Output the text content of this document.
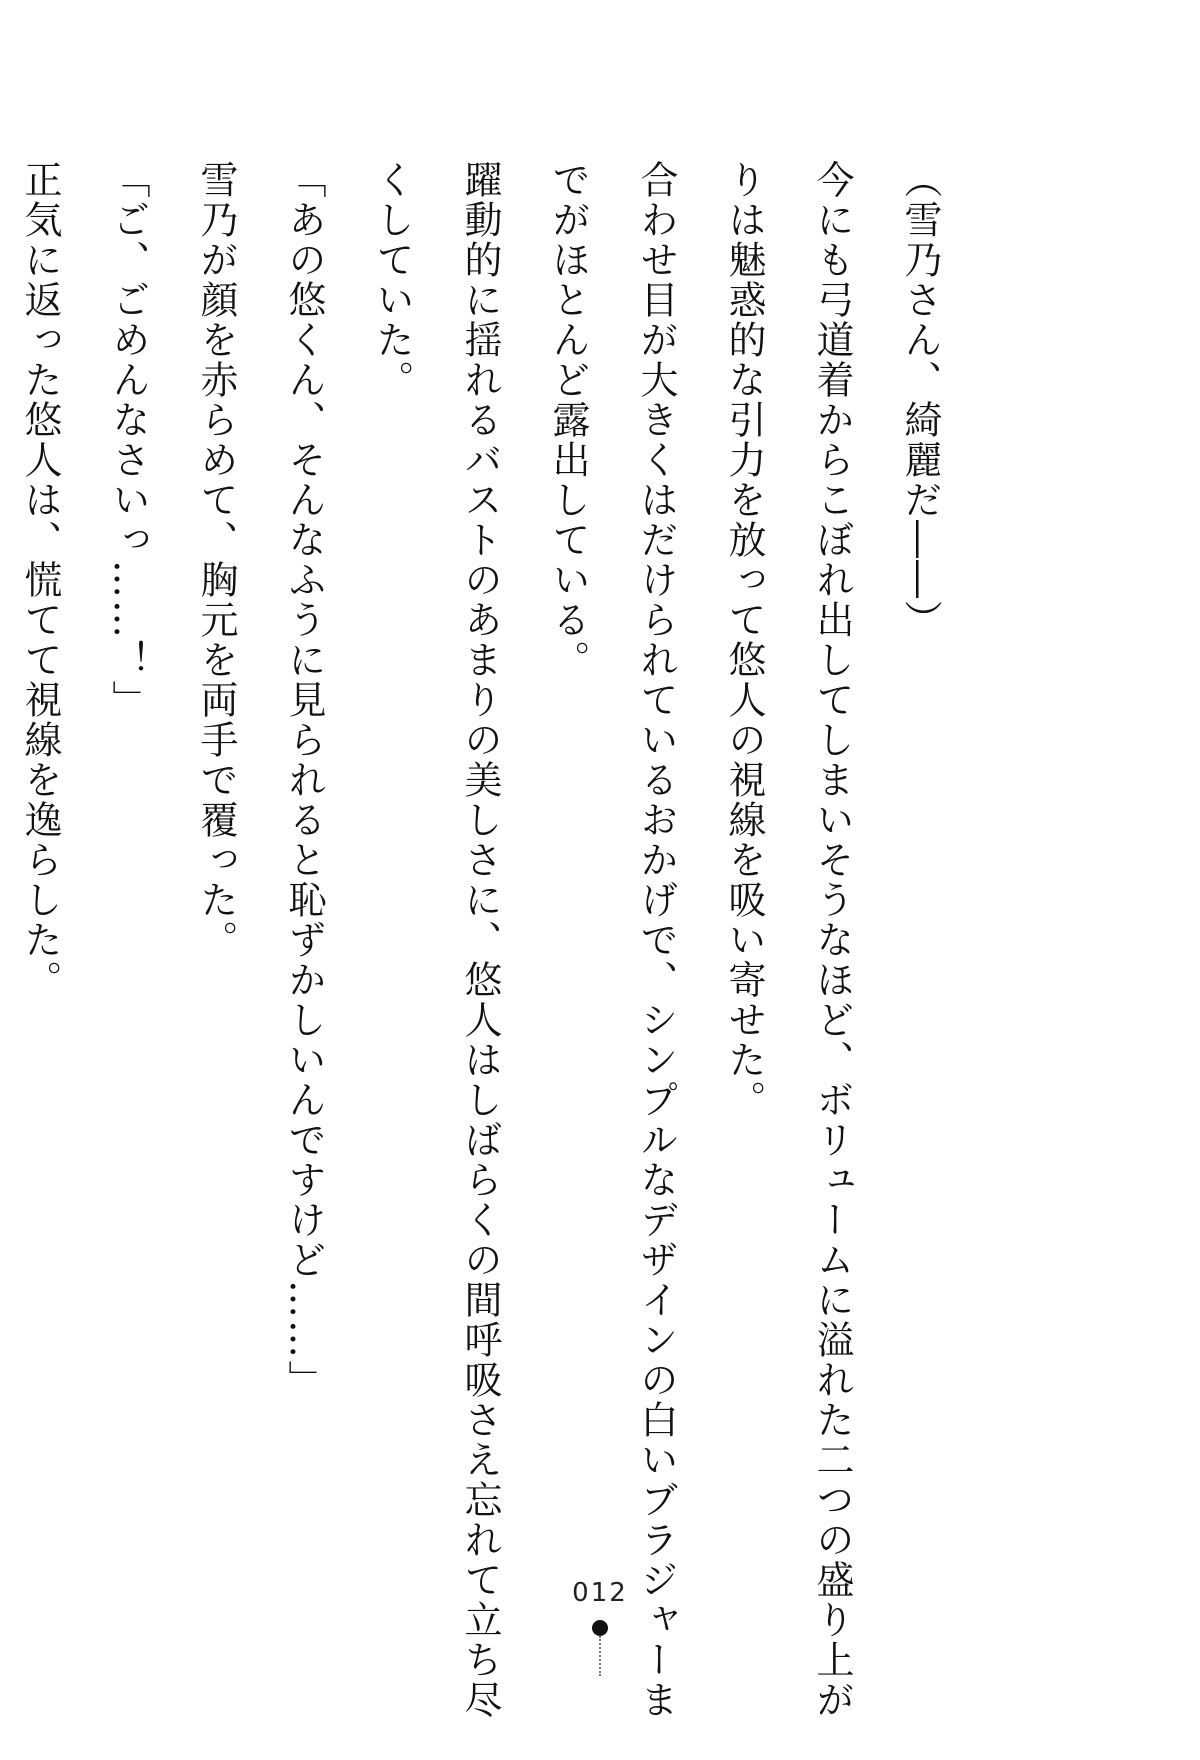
（雪乃さん、綺麗だ――）
今にも弓道着からこぼれ出してしまいそうなほど、ボリュームに溢れた二つの盛り上が
りは魅惑的な引力を放って悠人の視線を吸い寄せた。
合わせ目が大きくはだけられているおかげで、シンプルなデザインの白いブラジャーま
でがほとんど露出している。
躍動的に揺れるバストのあまりの美しさに、悠人はしばらくの間呼吸さえ忘れて立ち尽
くしていた。
「あの悠くん、そんなふうに見られると恥ずかしいんですけど……」
雪乃が顔を赤らめて、胸元を両手で覆った。
「ご、ごめんなさいっ……！」
正気に返った悠人は、慌てて視線を逸らした。
012
